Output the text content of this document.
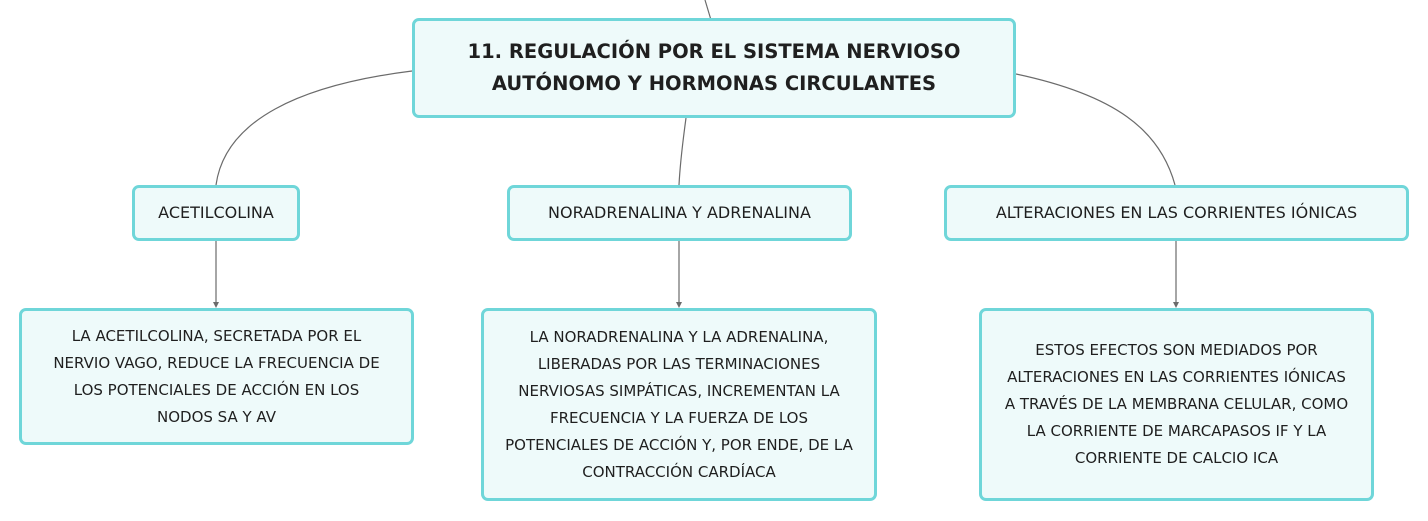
11. REGULACIÓN POR EL SISTEMA NERVIOSO
AUTÓNOMO Y HORMONAS CIRCULANTES
ACETILCOLINA	NORADRENALINA Y ADRENALINA	ALTERACIONES EN LAS CORRIENTES IÓNICAS
LA ACETILCOLINA, SECRETADA POR EL
NERVIO VAGO, REDUCE LA FRECUENCIA DE
LOS POTENCIALES DE ACCIÓN EN LOS
NODOS SA Y AV
LA NORADRENALINA Y LA ADRENALINA,
LIBERADAS POR LAS TERMINACIONES
NERVIOSAS SIMPÁTICAS, INCREMENTAN LA
FRECUENCIA Y LA FUERZA DE LOS
POTENCIALES DE ACCIÓN Y, POR ENDE, DE LA
CONTRACCIÓN CARDÍACA
ESTOS EFECTOS SON MEDIADOS POR
ALTERACIONES EN LAS CORRIENTES IÓNICAS
A TRAVÉS DE LA MEMBRANA CELULAR, COMO
LA CORRIENTE DE MARCAPASOS IF Y LA
CORRIENTE DE CALCIO ICA
